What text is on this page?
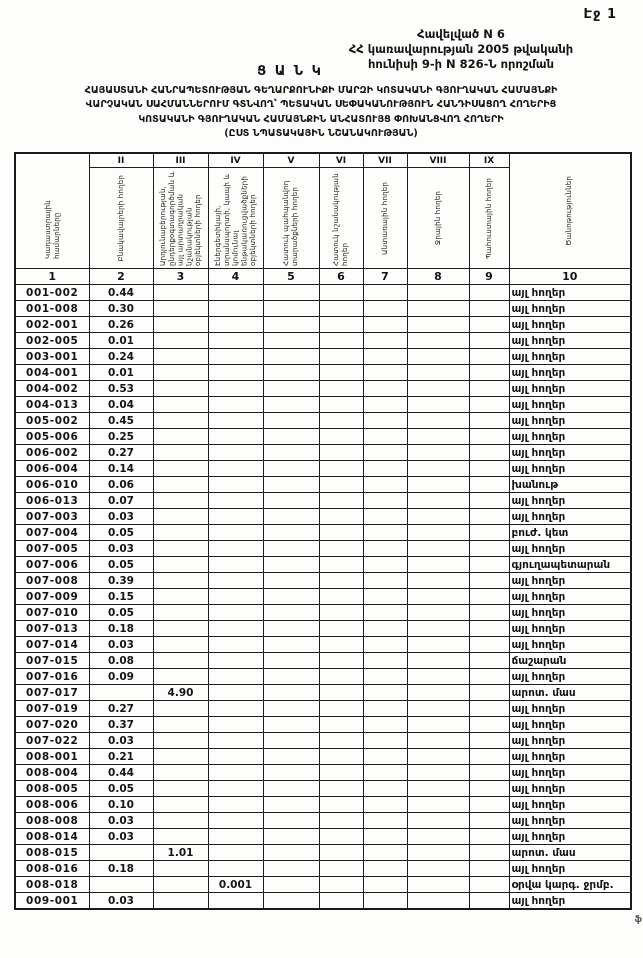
Էջ 1
Հավելված N 6
ՀՀ կառավարության 2005 թվականի
հունիսի 9-ի N 826-Ն որոշման
Ց Ա Ն Կ
ՀԱՅԱՍՏԱՆԻ ՀԱՆՐԱՊԵՏՈՒԹՅԱՆ ԳԵՂԱՐՔՈՒՆԻՔԻ ՄԱՐԶԻ ԿՈՏԱԿԱՆԻ ԳՅՈՒՂԱԿԱՆ ՀԱՄԱՅՆՔԻ
ՎԱՐՉԱԿԱՆ ՍԱՀՄԱՆՆԵՐՈՒՄ ԳՏՆՎՈՂ՝ ՊԵՏԱԿԱՆ ՍԵՓԱԿԱՆՈՒԹՅՈՒՆ ՀԱՆԴԻՍԱՑՈՂ ՀՈՂԵՐԻՑ
ԿՈՏԱԿԱՆԻ ԳՅՈՒՂԱԿԱՆ ՀԱՄԱՅՆՔԻՆ ԱՆՀԱՏՈՒՅՑ ՓՈԽԱՆՑՎՈՂ ՀՈՂԵՐԻ
(ԸՍՏ ՆՊԱՏԱԿԱՅԻՆ ՆՇԱՆԱԿՈՒԹՅԱՆ)
Կադաստրային համարները	II	III	IV	V	VI	VII	VIII	IX	Ծանոթություններ

	Բնակավայրերի հողեր	Արդյունաբերության, ընդերքօգտագործման և այլ արտադրական նշանակության օբյեկտների հողեր	Էներգետիկայի, տրանսպորտի, կապի և կոմունալ ենթակառուցվածքների օբյեկտների հողեր	Հատուկ պահպանվող տարածքների հողեր	Հատուկ նշանակության հողեր	Անտառային հողեր	Ջրային հողեր	Պահուստային հողեր	

1	2	3	4	5	6	7	8	9	10
001-002	0.44								այլ հողեր
001-008	0.30								այլ հողեր
002-001	0.26								այլ հողեր
002-005	0.01								այլ հողեր
003-001	0.24								այլ հողեր
004-001	0.01								այլ հողեր
004-002	0.53								այլ հողեր
004-013	0.04								այլ հողեր
005-002	0.45								այլ հողեր
005-006	0.25								այլ հողեր
006-002	0.27								այլ հողեր
006-004	0.14								այլ հողեր
006-010	0.06								խանութ
006-013	0.07								այլ հողեր
007-003	0.03								այլ հողեր
007-004	0.05								բուժ. կետ
007-005	0.03								այլ հողեր
007-006	0.05								գյուղապետարան
007-008	0.39								այլ հողեր
007-009	0.15								այլ հողեր
007-010	0.05								այլ հողեր
007-013	0.18								այլ հողեր
007-014	0.03								այլ հողեր
007-015	0.08								ճաշարան
007-016	0.09								այլ հողեր
007-017		4.90							արոտ. մաս
007-019	0.27								այլ հողեր
007-020	0.37								այլ հողեր
007-022	0.03								այլ հողեր
008-001	0.21								այլ հողեր
008-004	0.44								այլ հողեր
008-005	0.05								այլ հողեր
008-006	0.10								այլ հողեր
008-008	0.03								այլ հողեր
008-014	0.03								այլ հողեր
008-015		1.01							արոտ. մաս
008-016	0.18								այլ հողեր
008-018			0.001						օրվա կարգ. ջրմբ.
009-001	0.03								այլ հողեր
ֆ
